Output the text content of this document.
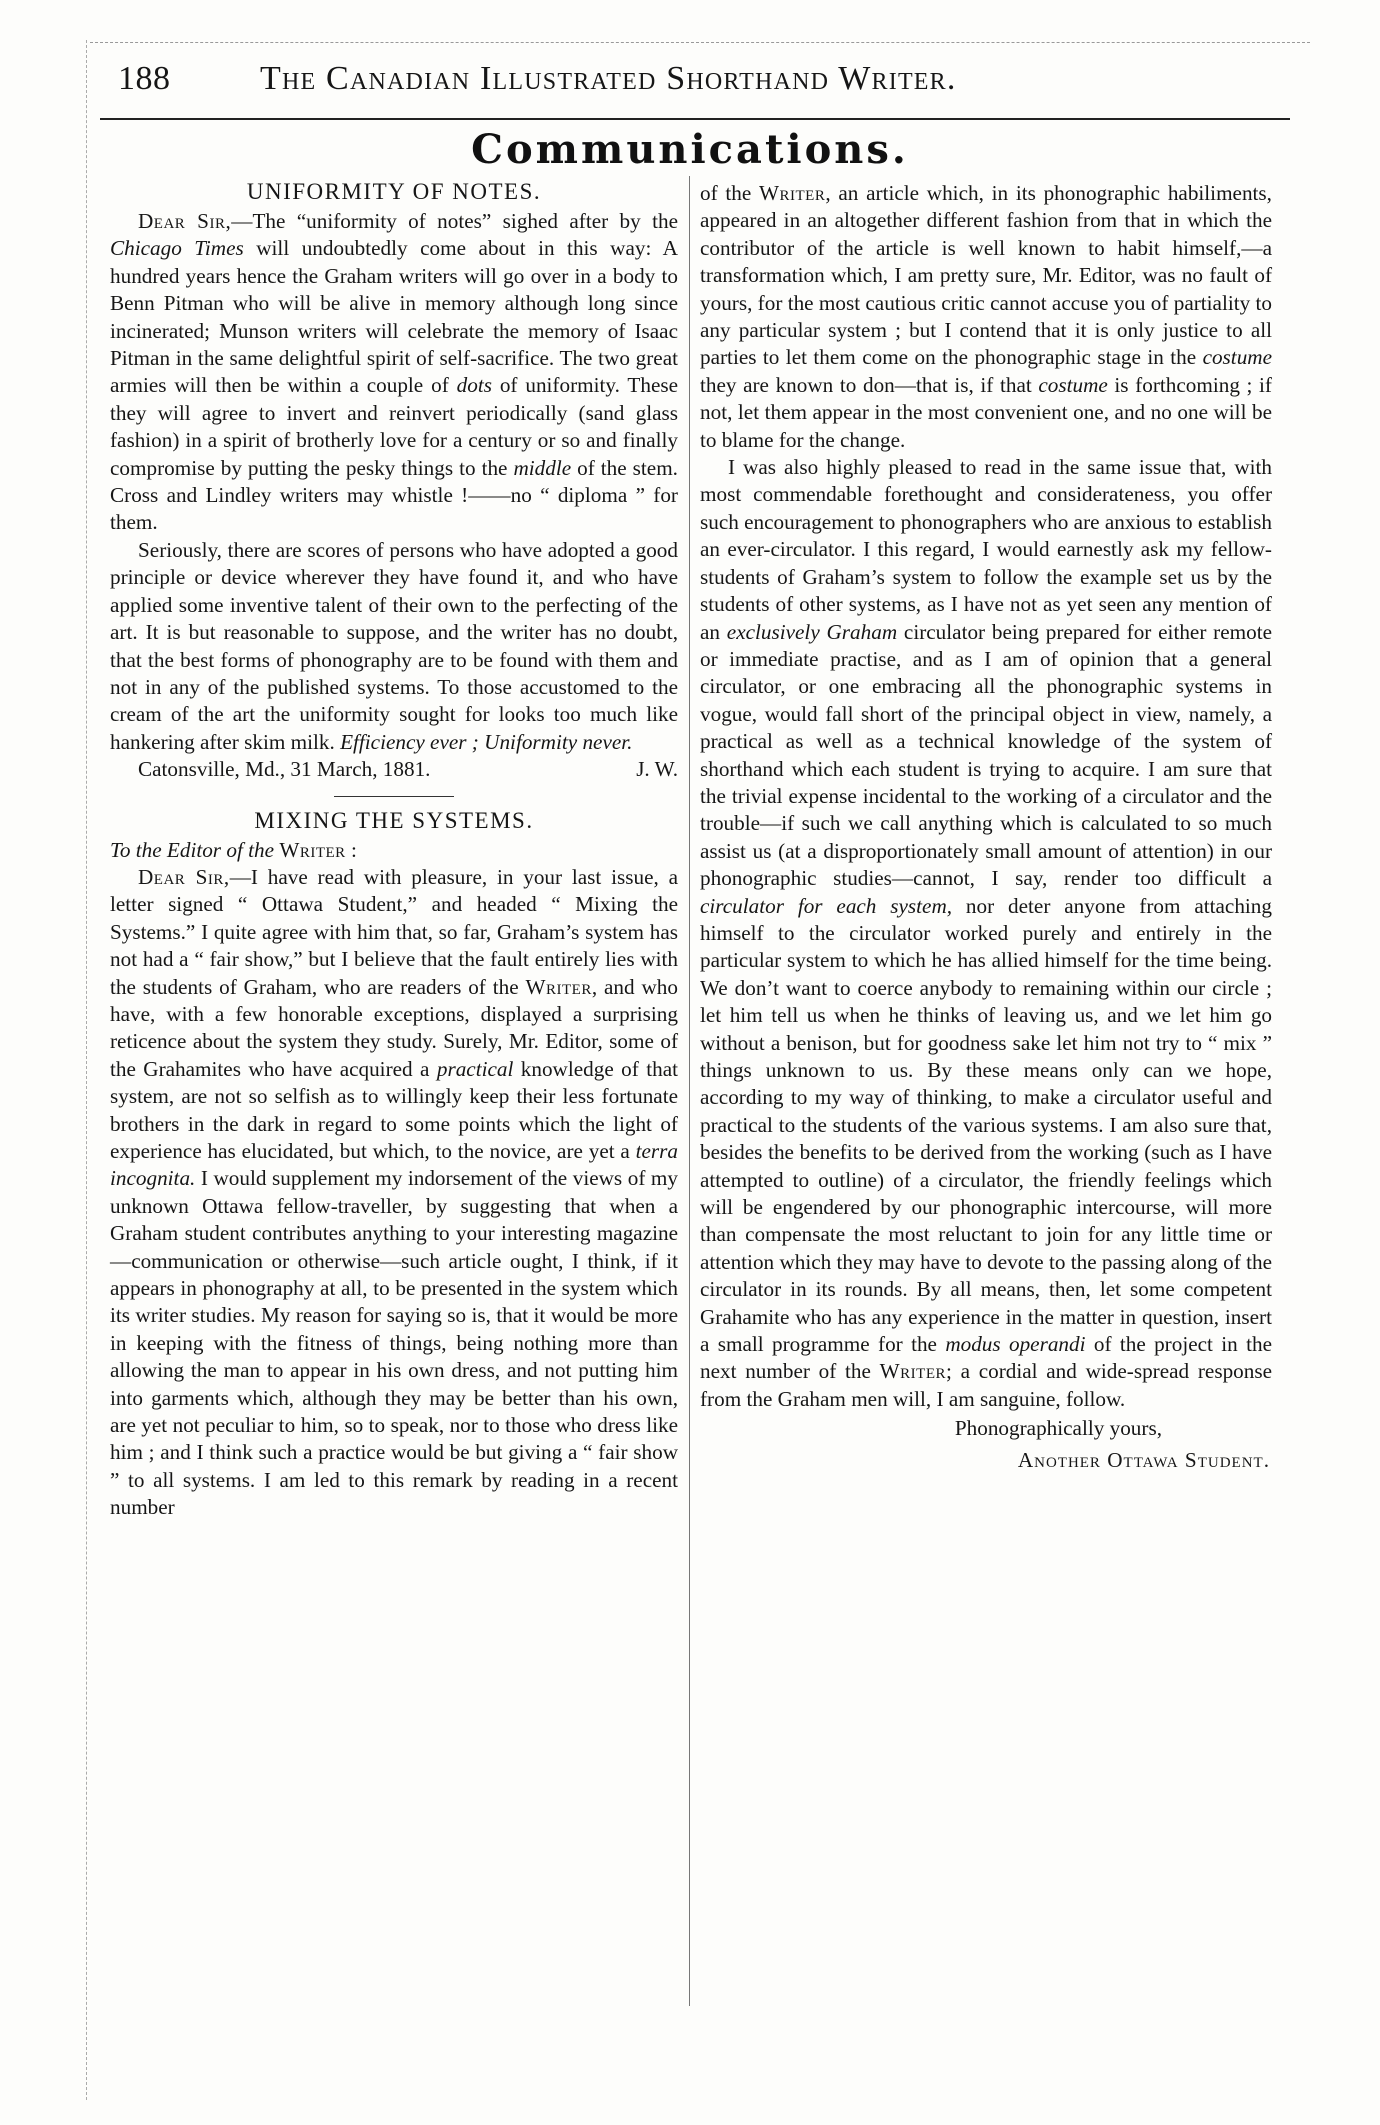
188	The Canadian Illustrated Shorthand Writer.
Communications.
UNIFORMITY OF NOTES.

Dear Sir,—The “uniformity of notes” sighed after by the Chicago Times will undoubtedly come about in this way: A hundred years hence the Graham writers will go over in a body to Benn Pitman who will be alive in memory although long since incinerated; Munson writers will celebrate the memory of Isaac Pitman in the same delightful spirit of self-sacrifice. The two great armies will then be within a couple of dots of uniformity. These they will agree to invert and reinvert periodically (sand glass fashion) in a spirit of brotherly love for a century or so and finally compromise by putting the pesky things to the middle of the stem. Cross and Lindley writers may whistle !——no “ diploma ” for them.

Seriously, there are scores of persons who have adopted a good principle or device wherever they have found it, and who have applied some inventive talent of their own to the perfecting of the art. It is but reasonable to suppose, and the writer has no doubt, that the best forms of phonography are to be found with them and not in any of the published systems. To those accustomed to the cream of the art the uniformity sought for looks too much like hankering after skim milk. Efficiency ever ; Uniformity never.
J. W.

Catonsville, Md., 31 March, 1881.

MIXING THE SYSTEMS.

To the Editor of the Writer :

Dear Sir,—I have read with pleasure, in your last issue, a letter signed “ Ottawa Student,” and headed “ Mixing the Systems.” I quite agree with him that, so far, Graham’s system has not had a “ fair show,” but I believe that the fault entirely lies with the students of Graham, who are readers of the Writer, and who have, with a few honorable exceptions, displayed a surprising reticence about the system they study. Surely, Mr. Editor, some of the Grahamites who have acquired a practical knowledge of that system, are not so selfish as to willingly keep their less fortunate brothers in the dark in regard to some points which the light of experience has elucidated, but which, to the novice, are yet a terra incognita. I would supplement my indorsement of the views of my unknown Ottawa fellow-traveller, by suggesting that when a Graham student contributes anything to your interesting magazine—communication or otherwise—such article ought, I think, if it appears in phonography at all, to be presented in the system which its writer studies. My reason for saying so is, that it would be more in keeping with the fitness of things, being nothing more than allowing the man to appear in his own dress, and not putting him into garments which, although they may be better than his own, are yet not peculiar to him, so to speak, nor to those who dress like him ; and I think such a practice would be but giving a “ fair show ” to all systems. I am led to this remark by reading in a recent number

of the Writer, an article which, in its phonographic habiliments, appeared in an altogether different fashion from that in which the contributor of the article is well known to habit himself,—a transformation which, I am pretty sure, Mr. Editor, was no fault of yours, for the most cautious critic cannot accuse you of partiality to any particular system ; but I contend that it is only justice to all parties to let them come on the phonographic stage in the costume they are known to don—that is, if that costume is forthcoming ; if not, let them appear in the most convenient one, and no one will be to blame for the change.

I was also highly pleased to read in the same issue that, with most commendable forethought and considerateness, you offer such encouragement to phonographers who are anxious to establish an ever-circulator. I this regard, I would earnestly ask my fellow-students of Graham’s system to follow the example set us by the students of other systems, as I have not as yet seen any mention of an exclusively Graham circulator being prepared for either remote or immediate practise, and as I am of opinion that a general circulator, or one embracing all the phonographic systems in vogue, would fall short of the principal object in view, namely, a practical as well as a technical knowledge of the system of shorthand which each student is trying to acquire. I am sure that the trivial expense incidental to the working of a circulator and the trouble—if such we call anything which is calculated to so much assist us (at a disproportionately small amount of attention) in our phonographic studies—cannot, I say, render too difficult a circulator for each system, nor deter anyone from attaching himself to the circulator worked purely and entirely in the particular system to which he has allied himself for the time being. We don’t want to coerce anybody to remaining within our circle ; let him tell us when he thinks of leaving us, and we let him go without a benison, but for goodness sake let him not try to “ mix ” things unknown to us. By these means only can we hope, according to my way of thinking, to make a circulator useful and practical to the students of the various systems. I am also sure that, besides the benefits to be derived from the working (such as I have attempted to outline) of a circulator, the friendly feelings which will be engendered by our phonographic intercourse, will more than compensate the most reluctant to join for any little time or attention which they may have to devote to the passing along of the circulator in its rounds. By all means, then, let some competent Grahamite who has any experience in the matter in question, insert a small programme for the modus operandi of the project in the next number of the Writer; a cordial and wide-spread response from the Graham men will, I am sanguine, follow.

Phonographically yours,

Another Ottawa Student.
